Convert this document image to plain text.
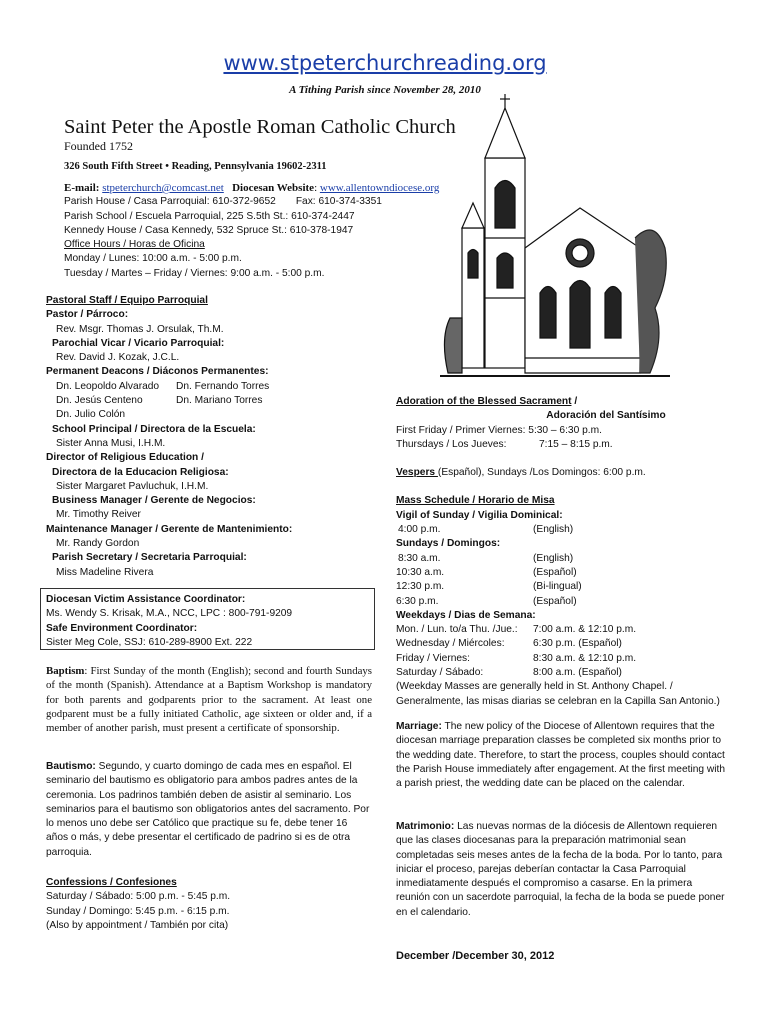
www.stpeterchurchreading.org
A Tithing Parish since November 28, 2010
Saint Peter the Apostle Roman Catholic Church
Founded 1752
326 South Fifth Street • Reading, Pennsylvania 19602-2311
E-mail: stpeterchurch@comcast.net Diocesan Website: www.allentowndiocese.org
Parish House / Casa Parroquial: 610-372-9652 Fax: 610-374-3351
Parish School / Escuela Parroquial, 225 S.5th St.: 610-374-2447
Kennedy House / Casa Kennedy, 532 Spruce St.: 610-378-1947
Office Hours / Horas de Oficina
Monday / Lunes: 10:00 a.m. - 5:00 p.m.
Tuesday / Martes – Friday / Viernes: 9:00 a.m. - 5:00 p.m.
Pastoral Staff / Equipo Parroquial
Pastor / Párroco:
Rev. Msgr. Thomas J. Orsulak, Th.M.
Parochial Vicar / Vicario Parroquial:
Rev. David J. Kozak, J.C.L.
Permanent Deacons / Diáconos Permanentes:
Dn. Leopoldo Alvarado	Dn. Fernando Torres
Dn. Jesús Centeno	Dn. Mariano Torres
Dn. Julio Colón
School Principal / Directora de la Escuela:
Sister Anna Musi, I.H.M.
Director of Religious Education /
Directora de la Educacion Religiosa:
Sister Margaret Pavluchuk, I.H.M.
Business Manager / Gerente de Negocios:
Mr. Timothy Reiver
Maintenance Manager / Gerente de Mantenimiento:
Mr. Randy Gordon
Parish Secretary / Secretaria Parroquial:
Miss Madeline Rivera
Diocesan Victim Assistance Coordinator:
Ms. Wendy S. Krisak, M.A., NCC, LPC : 800-791-9209
Safe Environment Coordinator:
Sister Meg Cole, SSJ: 610-289-8900 Ext. 222
Baptism: First Sunday of the month (English); second and fourth Sundays of the month (Spanish). Attendance at a Baptism Workshop is mandatory for both parents and godparents prior to the sacrament. At least one godparent must be a fully initiated Catholic, age sixteen or older and, if a member of another parish, must present a certificate of sponsorship.
Bautismo: Segundo, y cuarto domingo de cada mes en español. El seminario del bautismo es obligatorio para ambos padres antes de la ceremonia. Los padrinos también deben de asistir al seminario. Los seminarios para el bautismo son obligatorios antes del sacramento. Por lo menos uno debe ser Católico que practique su fe, debe tener 16 años o más, y debe presentar el certificado de padrino si es de otra parroquia.
Confessions / Confesiones
Saturday / Sábado: 5:00 p.m. - 5:45 p.m.
Sunday / Domingo: 5:45 p.m. - 6:15 p.m.
(Also by appointment / También por cita)
Adoration of the Blessed Sacrament /
Adoración del Santísimo
First Friday / Primer Viernes: 5:30 – 6:30 p.m.
Thursdays / Los Jueves:	7:15 – 8:15 p.m.
Vespers (Español), Sundays /Los Domingos: 6:00 p.m.
Mass Schedule / Horario de Misa
Vigil of Sunday / Vigilia Dominical:
4:00 p.m.	(English)
Sundays / Domingos:
8:30 a.m.	(English)
10:30 a.m.	(Español)
12:30 p.m.	(Bi-lingual)
6:30 p.m.	(Español)
Weekdays / Dias de Semana:
Mon. / Lun. to/a Thu. /Jue.:	7:00 a.m. & 12:10 p.m.
Wednesday / Miércoles:	6:30 p.m. (Español)
Friday / Viernes:	8:30 a.m. & 12:10 p.m.
Saturday / Sábado:	8:00 a.m. (Español)
(Weekday Masses are generally held in St. Anthony Chapel. / Generalmente, las misas diarias se celebran en la Capilla San Antonio.)
Marriage: The new policy of the Diocese of Allentown requires that the diocesan marriage preparation classes be completed six months prior to the wedding date. Therefore, to start the process, couples should contact the Parish House immediately after engagement. At the first meeting with a parish priest, the wedding date can be placed on the calendar.
Matrimonio: Las nuevas normas de la diócesis de Allentown requieren que las clases diocesanas para la preparación matrimonial sean completadas seis meses antes de la fecha de la boda. Por lo tanto, para iniciar el proceso, parejas deberían contactar la Casa Parroquial inmediatamente después el compromiso a casarse. En la primera reunión con un sacerdote parroquial, la fecha de la boda se puede poner en el calendario.
December /December 30, 2012
